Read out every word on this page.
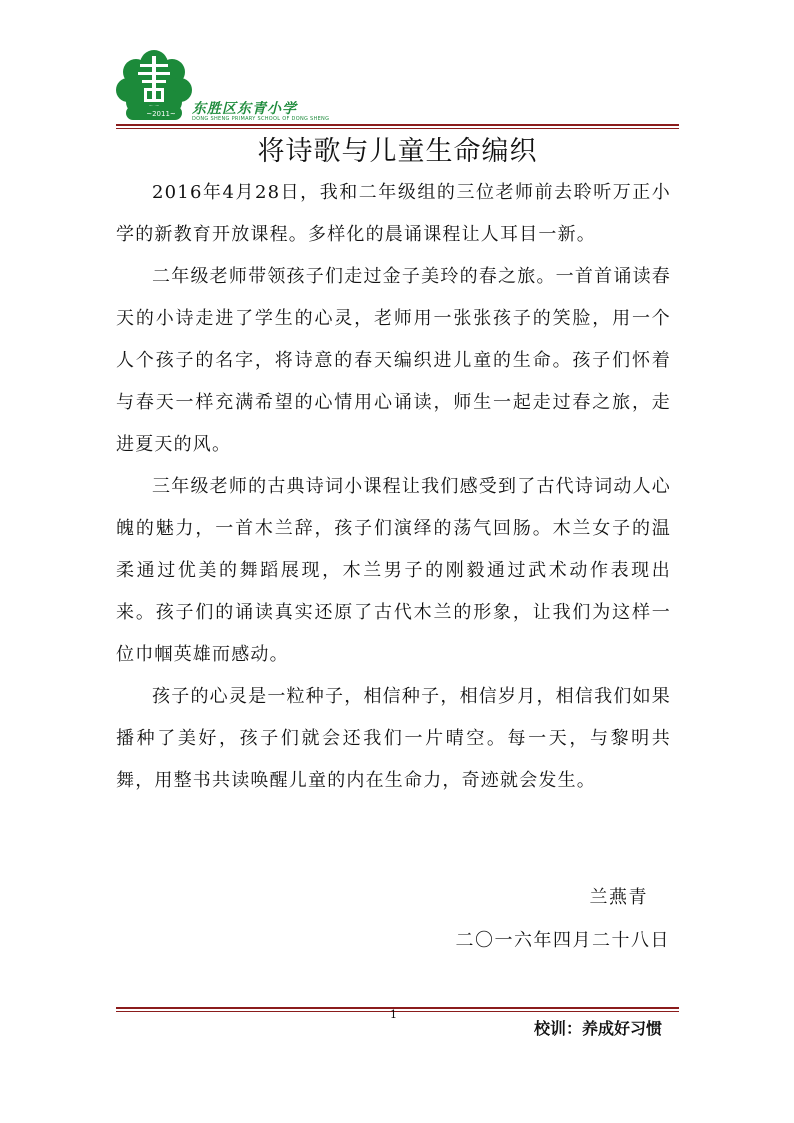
~2011~	东胜区东青小学
DONG SHENG PRIMARY SCHOOL OF DONG SHENG
将诗歌与儿童生命编织

2016年4月28日，我和二年级组的三位老师前去聆听万正小学的新教育开放课程。多样化的晨诵课程让人耳目一新。

二年级老师带领孩子们走过金子美玲的春之旅。一首首诵读春天的小诗走进了学生的心灵，老师用一张张孩子的笑脸，用一个人个孩子的名字，将诗意的春天编织进儿童的生命。孩子们怀着与春天一样充满希望的心情用心诵读，师生一起走过春之旅，走进夏天的风。

三年级老师的古典诗词小课程让我们感受到了古代诗词动人心魄的魅力，一首木兰辞，孩子们演绎的荡气回肠。木兰女子的温柔通过优美的舞蹈展现，木兰男子的刚毅通过武术动作表现出来。孩子们的诵读真实还原了古代木兰的形象，让我们为这样一位巾帼英雄而感动。

孩子的心灵是一粒种子，相信种子，相信岁月，相信我们如果播种了美好，孩子们就会还我们一片晴空。每一天，与黎明共舞，用整书共读唤醒儿童的内在生命力，奇迹就会发生。

兰燕青
二〇一六年四月二十八日
1
校训：养成好习惯
